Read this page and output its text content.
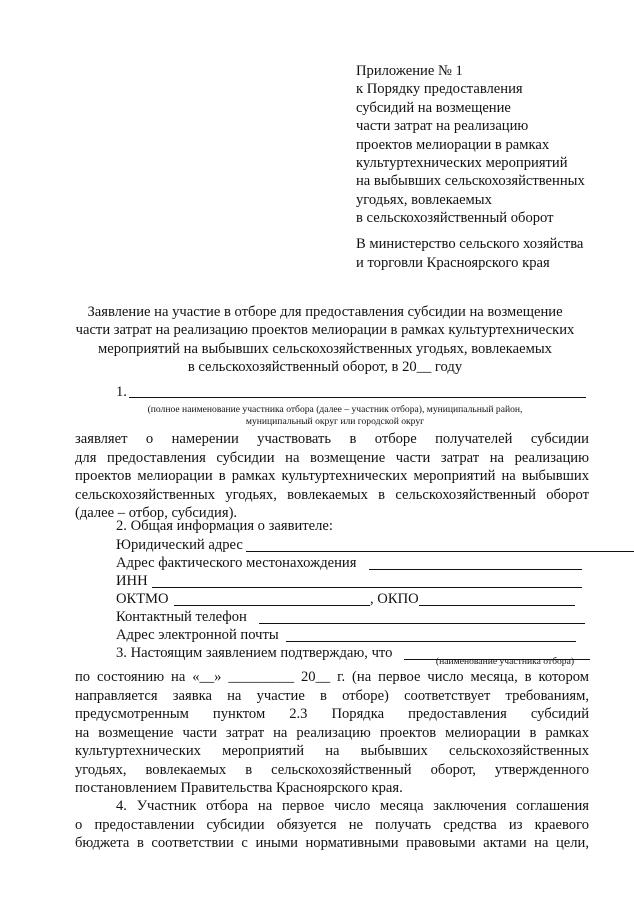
Приложение № 1
к Порядку предоставления
субсидий на возмещение
части затрат на реализацию
проектов мелиорации в рамках
культуртехнических мероприятий
на выбывших сельскохозяйственных
угодьях, вовлекаемых
в сельскохозяйственный оборот
В министерство сельского хозяйства
и торговли Красноярского края
Заявление на участие в отборе для предоставления субсидии на возмещение
части затрат на реализацию проектов мелиорации в рамках культуртехнических
мероприятий на выбывших сельскохозяйственных угодьях, вовлекаемых
в сельскохозяйственный оборот, в 20__ году
1.
(полное наименование участника отбора (далее – участник отбора), муниципальный район,
муниципальный округ или городской округ
заявляет о намерении участвовать в отборе получателей субсидии
для предоставления субсидии на возмещение части затрат на реализацию
проектов мелиорации в рамках культуртехнических мероприятий на выбывших
сельскохозяйственных угодьях, вовлекаемых в сельскохозяйственный оборот
(далее – отбор, субсидия).
2. Общая информация о заявителе:
Юридический адрес
Адрес фактического местонахождения
ИНН
ОКТМО	, ОКПО
Контактный телефон
Адрес электронной почты
3. Настоящим заявлением подтверждаю, что
(наименование участника отбора)
по состоянию на «__» _________ 20__ г. (на первое число месяца, в котором
направляется заявка на участие в отборе) соответствует требованиям,
предусмотренным пунктом 2.3 Порядка предоставления субсидий
на возмещение части затрат на реализацию проектов мелиорации в рамках
культуртехнических мероприятий на выбывших сельскохозяйственных
угодьях, вовлекаемых в сельскохозяйственный оборот, утвержденного
постановлением Правительства Красноярского края.
4. Участник отбора на первое число месяца заключения соглашения
о предоставлении субсидии обязуется не получать средства из краевого
бюджета в соответствии с иными нормативными правовыми актами на цели,
